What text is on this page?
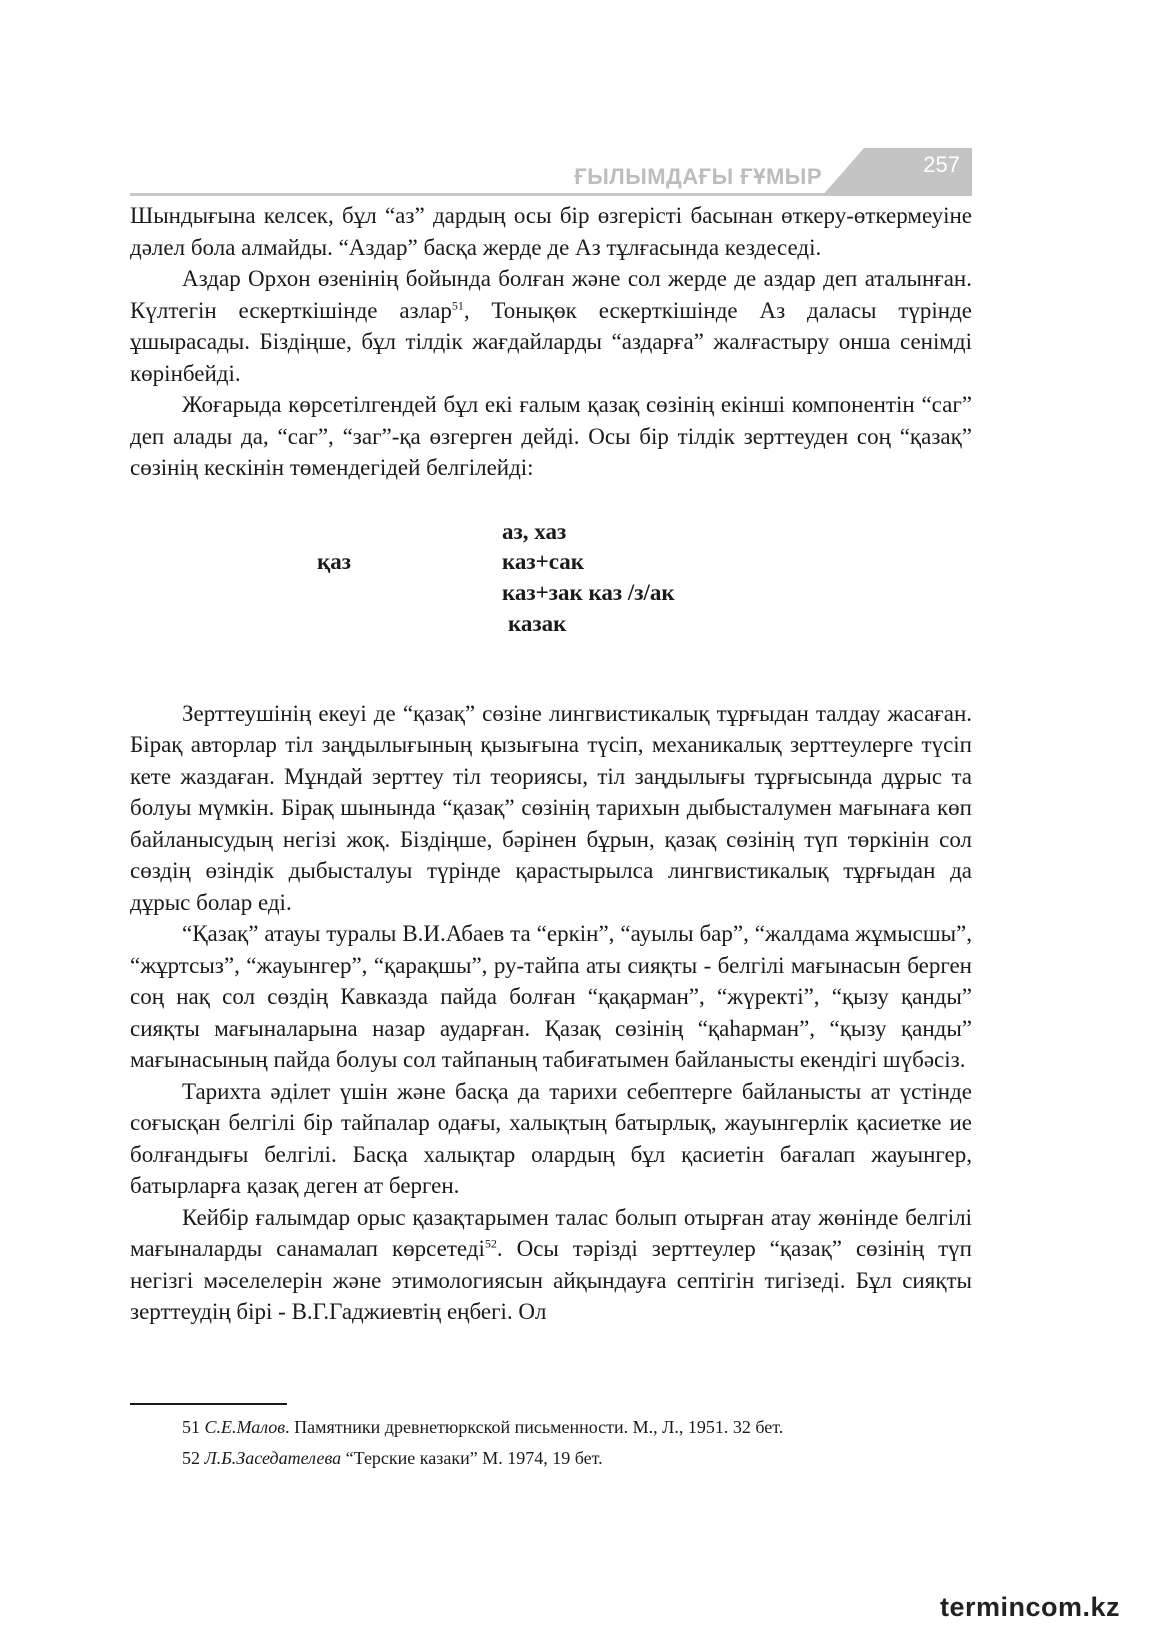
ҒЫЛЫМДАҒЫ ҒҰМЫР	257

Шындығына келсек, бұл “аз” дардың осы бір өзгерісті басынан өткеру-өткермеуіне дәлел бола алмайды. “Аздар” басқа жерде де Аз тұлғасында кездеседі.

Аздар Орхон өзенінің бойында болған және сол жерде де аздар деп аталынған. Күлтегін ескерткішінде азлар$^{51}$, Тонықөк ескерткішінде Аз даласы түрінде ұшырасады. Біздіңше, бұл тілдік жағдайларды “аздарға” жалғастыру онша сенімді көрінбейді.

Жоғарыда көрсетілгендей бұл екі ғалым қазақ сөзінің екінші компонентін “саг” деп алады да, “саг”, “заг”-қа өзгерген дейді. Осы бір тілдік зерттеуден соң “қазақ” сөзінің кескінін төмендегідей белгілейді:

қаз
аз, хаз
каз+сак
каз+зак каз /з/ак
казак

Зерттеушінің екеуі де “қазақ” сөзіне лингвистикалық тұрғыдан талдау жасаған. Бірақ авторлар тіл заңдылығының қызығына түсіп, механикалық зерттеулерге түсіп кете жаздаған. Мұндай зерттеу тіл теориясы, тіл заңдылығы тұрғысында дұрыс та болуы мүмкін. Бірақ шынында “қазақ” сөзінің тарихын дыбысталумен мағынаға көп байланысудың негізі жоқ. Біздіңше, бәрінен бұрын, қазақ сөзінің түп төркінін сол сөздің өзіндік дыбысталуы түрінде қарастырылса лингвистикалық тұрғыдан да дұрыс болар еді.

“Қазақ” атауы туралы В.И.Абаев та “еркін”, “ауылы бар”, “жалдама жұмысшы”, “жұртсыз”, “жауынгер”, “қарақшы”, ру-тайпа аты сияқты - белгілі мағынасын берген соң нақ сол сөздің Кавказда пайда болған “қақарман”, “жүректі”, “қызу қанды” сияқты мағыналарына назар аударған. Қазақ сөзінің “қаһарман”, “қызу қанды” мағынасының пайда болуы сол тайпаның табиғатымен байланысты екендігі шүбәсіз.

Тарихта әділет үшін және басқа да тарихи себептерге байланысты ат үстінде соғысқан белгілі бір тайпалар одағы, халықтың батырлық, жауынгерлік қасиетке ие болғандығы белгілі. Басқа халықтар олардың бұл қасиетін бағалап жауынгер, батырларға қазақ деген ат берген.

Кейбір ғалымдар орыс қазақтарымен талас болып отырған атау жөнінде белгілі мағыналарды санамалап көрсетеді$^{52}$. Осы тәрізді зерттеулер “қазақ” сөзінің түп негізгі мәселелерін және этимологиясын айқындауға септігін тигізеді. Бұл сияқты зерттеудің бірі - В.Г.Гаджиевтің еңбегі. Ол

51 С.Е.Малов. Памятники древнетюркской письменности. М., Л., 1951. 32 бет.
52 Л.Б.Заседателева “Терские казаки” М. 1974, 19 бет.
termincom.kz
